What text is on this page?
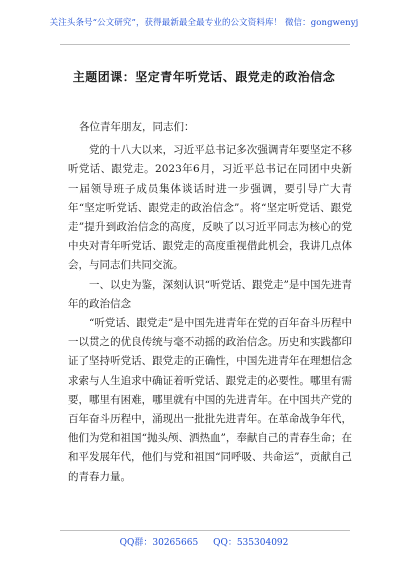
关注头条号“公文研究”，获得最新最全最专业的公文资料库！ 微信：gongwenyj
主题团课：坚定青年听党话、跟党走的政治信念

各位青年朋友，同志们：

党的十八大以来，习近平总书记多次强调青年要坚定不移听党话、跟党走。2023年6月，习近平总书记在同团中央新一届领导班子成员集体谈话时进一步强调，要引导广大青年“坚定听党话、跟党走的政治信念”。将“坚定听党话、跟党走”提升到政治信念的高度，反映了以习近平同志为核心的党中央对青年听党话、跟党走的高度重视借此机会，我讲几点体会，与同志们共同交流。

一、以史为鉴，深刻认识“听党话、跟党走”是中国先进青年的政治信念

“听党话、跟党走”是中国先进青年在党的百年奋斗历程中一以贯之的优良传统与毫不动摇的政治信念。历史和实践都印证了坚持听党话、跟党走的正确性，中国先进青年在理想信念求索与人生追求中确证着听党话、跟党走的必要性。哪里有需要，哪里有困难，哪里就有中国的先进青年。在中国共产党的百年奋斗历程中，涌现出一批批先进青年。在革命战争年代，他们为党和祖国“抛头颅、洒热血”，奉献自己的青春生命；在和平发展年代，他们与党和祖国“同呼吸、共命运”，贡献自己的青春力量。

QQ群：30265665 QQ：535304092
